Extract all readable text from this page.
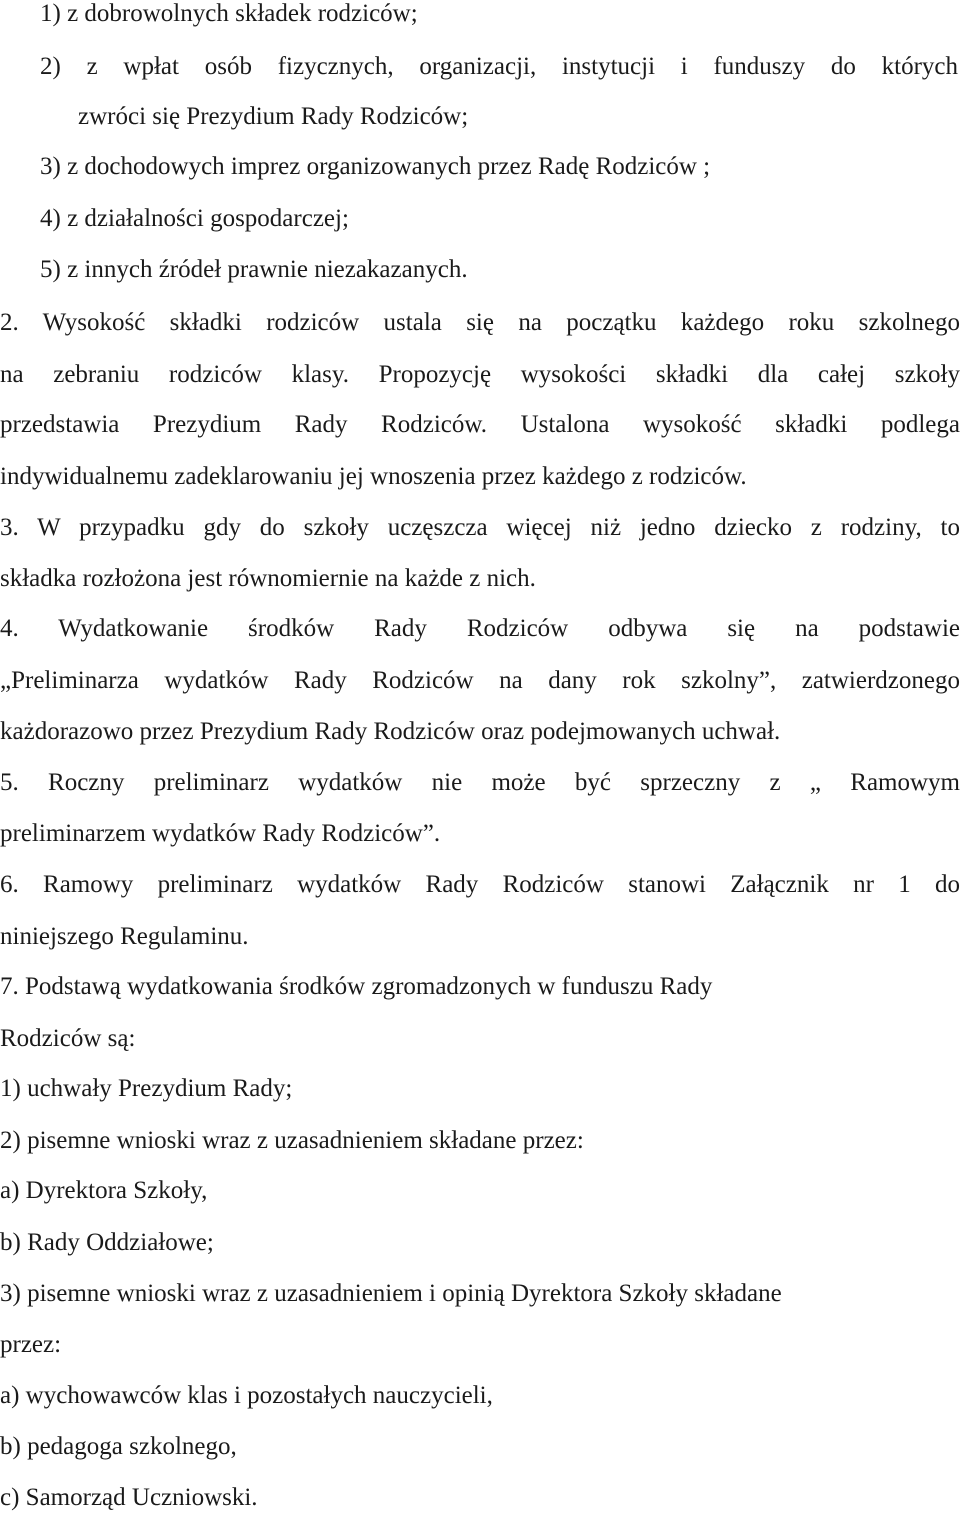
1) z dobrowolnych składek rodziców;

2) z wpłat osób fizycznych, organizacji, instytucji i funduszy do których

zwróci się Prezydium Rady Rodziców;

3) z dochodowych imprez organizowanych przez Radę Rodziców ;

4) z działalności gospodarczej;

5) z innych źródeł prawnie niezakazanych.

2. Wysokość składki rodziców ustala się na początku każdego roku szkolnego

na zebraniu rodziców klasy. Propozycję wysokości składki dla całej szkoły

przedstawia Prezydium Rady Rodziców. Ustalona wysokość składki podlega

indywidualnemu zadeklarowaniu jej wnoszenia przez każdego z rodziców.

3. W przypadku gdy do szkoły uczęszcza więcej niż jedno dziecko z rodziny, to

składka rozłożona jest równomiernie na każde z nich.

4. Wydatkowanie środków Rady Rodziców odbywa się na podstawie

„Preliminarza wydatków Rady Rodziców na dany rok szkolny”, zatwierdzonego

każdorazowo przez Prezydium Rady Rodziców oraz podejmowanych uchwał.

5. Roczny preliminarz wydatków nie może być sprzeczny z „ Ramowym

preliminarzem wydatków Rady Rodziców”.

6. Ramowy preliminarz wydatków Rady Rodziców stanowi Załącznik nr 1 do

niniejszego Regulaminu.

7. Podstawą wydatkowania środków zgromadzonych w funduszu Rady

Rodziców są:

1) uchwały Prezydium Rady;

2) pisemne wnioski wraz z uzasadnieniem składane przez:

a) Dyrektora Szkoły,

b) Rady Oddziałowe;

3) pisemne wnioski wraz z uzasadnieniem i opinią Dyrektora Szkoły składane

przez:

a) wychowawców klas i pozostałych nauczycieli,

b) pedagoga szkolnego,

c) Samorząd Uczniowski.
